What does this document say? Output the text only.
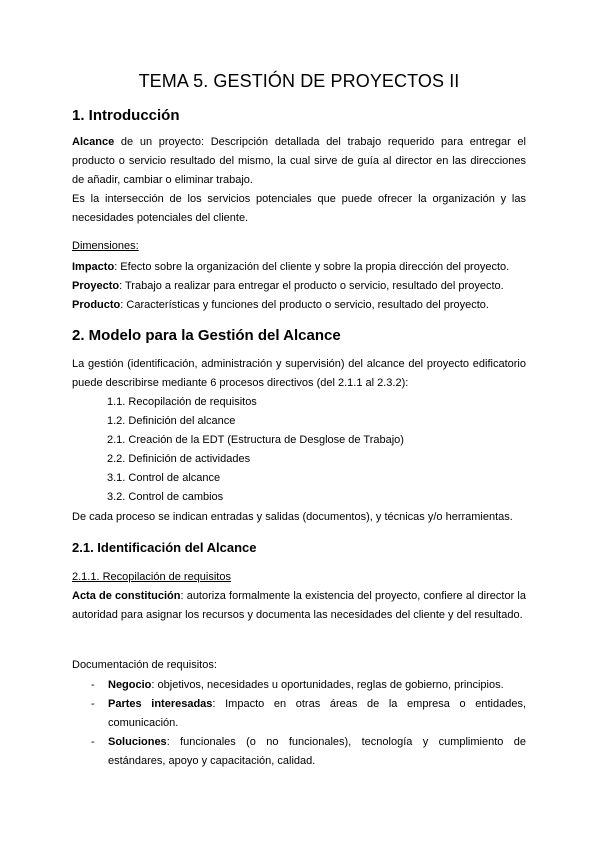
TEMA 5. GESTIÓN DE PROYECTOS II
1. Introducción
Alcance de un proyecto: Descripción detallada del trabajo requerido para entregar el producto o servicio resultado del mismo, la cual sirve de guía al director en las direcciones de añadir, cambiar o eliminar trabajo.
Es la intersección de los servicios potenciales que puede ofrecer la organización y las necesidades potenciales del cliente.
Dimensiones:
Impacto: Efecto sobre la organización del cliente y sobre la propia dirección del proyecto.
Proyecto: Trabajo a realizar para entregar el producto o servicio, resultado del proyecto.
Producto: Características y funciones del producto o servicio, resultado del proyecto.
2. Modelo para la Gestión del Alcance
La gestión (identificación, administración y supervisión) del alcance del proyecto edificatorio puede describirse mediante 6 procesos directivos (del 2.1.1 al 2.3.2):
1.1. Recopilación de requisitos
1.2. Definición del alcance
2.1. Creación de la EDT (Estructura de Desglose de Trabajo)
2.2. Definición de actividades
3.1. Control de alcance
3.2. Control de cambios
De cada proceso se indican entradas y salidas (documentos), y técnicas y/o herramientas.
2.1. Identificación del Alcance
2.1.1. Recopilación de requisitos
Acta de constitución: autoriza formalmente la existencia del proyecto, confiere al director la autoridad para asignar los recursos y documenta las necesidades del cliente y del resultado.
Documentación de requisitos:
- Negocio: objetivos, necesidades u oportunidades, reglas de gobierno, principios.
- Partes interesadas: Impacto en otras áreas de la empresa o entidades, comunicación.
- Soluciones: funcionales (o no funcionales), tecnología y cumplimiento de estándares, apoyo y capacitación, calidad.
